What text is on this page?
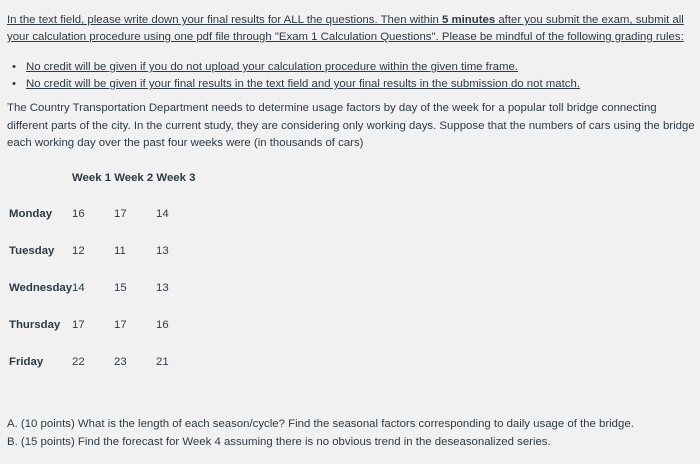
In the text field, please write down your final results for ALL the questions. Then within 5 minutes after you submit the exam, submit all your calculation procedure using one pdf file through "Exam 1 Calculation Questions". Please be mindful of the following grading rules:
• No credit will be given if you do not upload your calculation procedure within the given time frame.
• No credit will be given if your final results in the text field and your final results in the submission do not match.
The Country Transportation Department needs to determine usage factors by day of the week for a popular toll bridge connecting different parts of the city. In the current study, they are considering only working days. Suppose that the numbers of cars using the bridge each working day over the past four weeks were (in thousands of cars)
Week 1 Week 2 Week 3
Monday 16	17	14
Tuesday 12	11	13
Wednesday 14	15	13
Thursday 17	17	16
Friday	22	23	21
A. (10 points) What is the length of each season/cycle? Find the seasonal factors corresponding to daily usage of the bridge.
B. (15 points) Find the forecast for Week 4 assuming there is no obvious trend in the deseasonalized series.
